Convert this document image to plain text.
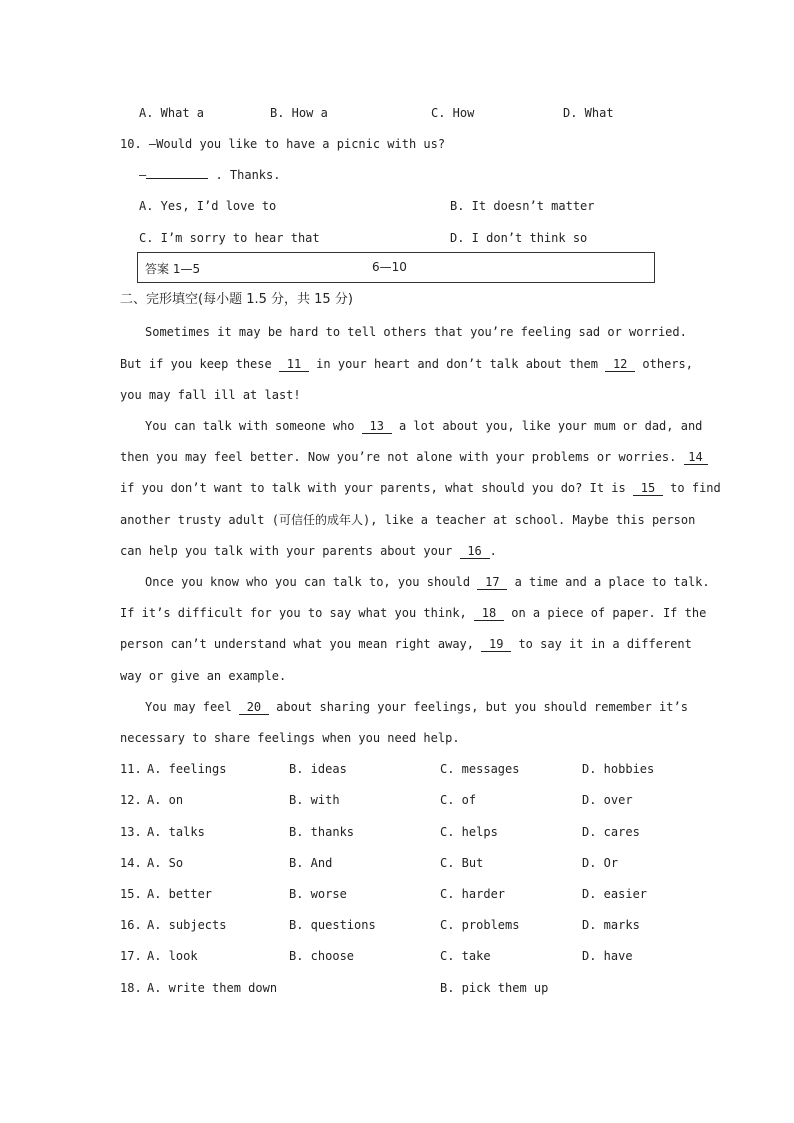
A. What a	B. How a	C. How	D. What
10. —Would you like to have a picnic with us?
—	. Thanks.
A. Yes, I’d love to	B. It doesn’t matter
C. I’m sorry to hear that	D. I don’t think so
答案 1—5	6—10
二、完形填空(每小题 1.5 分，共 15 分)
Sometimes it may be hard to tell others that you’re feeling sad or worried.
But if you keep these 11 in your heart and don’t talk about them 12 others,
you may fall ill at last!
You can talk with someone who 13 a lot about you, like your mum or dad, and
then you may feel better. Now you’re not alone with your problems or worries. 14
if you don’t want to talk with your parents, what should you do? It is 15 to find
another trusty adult (可信任的成年人), like a teacher at school. Maybe this person
can help you talk with your parents about your 16 .
Once you know who you can talk to, you should 17 a time and a place to talk.
If it’s difficult for you to say what you think, 18 on a piece of paper. If the
person can’t understand what you mean right away, 19 to say it in a different
way or give an example.
You may feel 20 about sharing your feelings, but you should remember it’s
necessary to share feelings when you need help.
11. A. feelings	B. ideas	C. messages	D. hobbies
12. A. on	B. with	C. of	D. over
13. A. talks	B. thanks	C. helps	D. cares
14. A. So	B. And	C. But	D. Or
15. A. better	B. worse	C. harder	D. easier
16. A. subjects	B. questions	C. problems	D. marks
17. A. look	B. choose	C. take	D. have
18. A. write them down	B. pick them up
